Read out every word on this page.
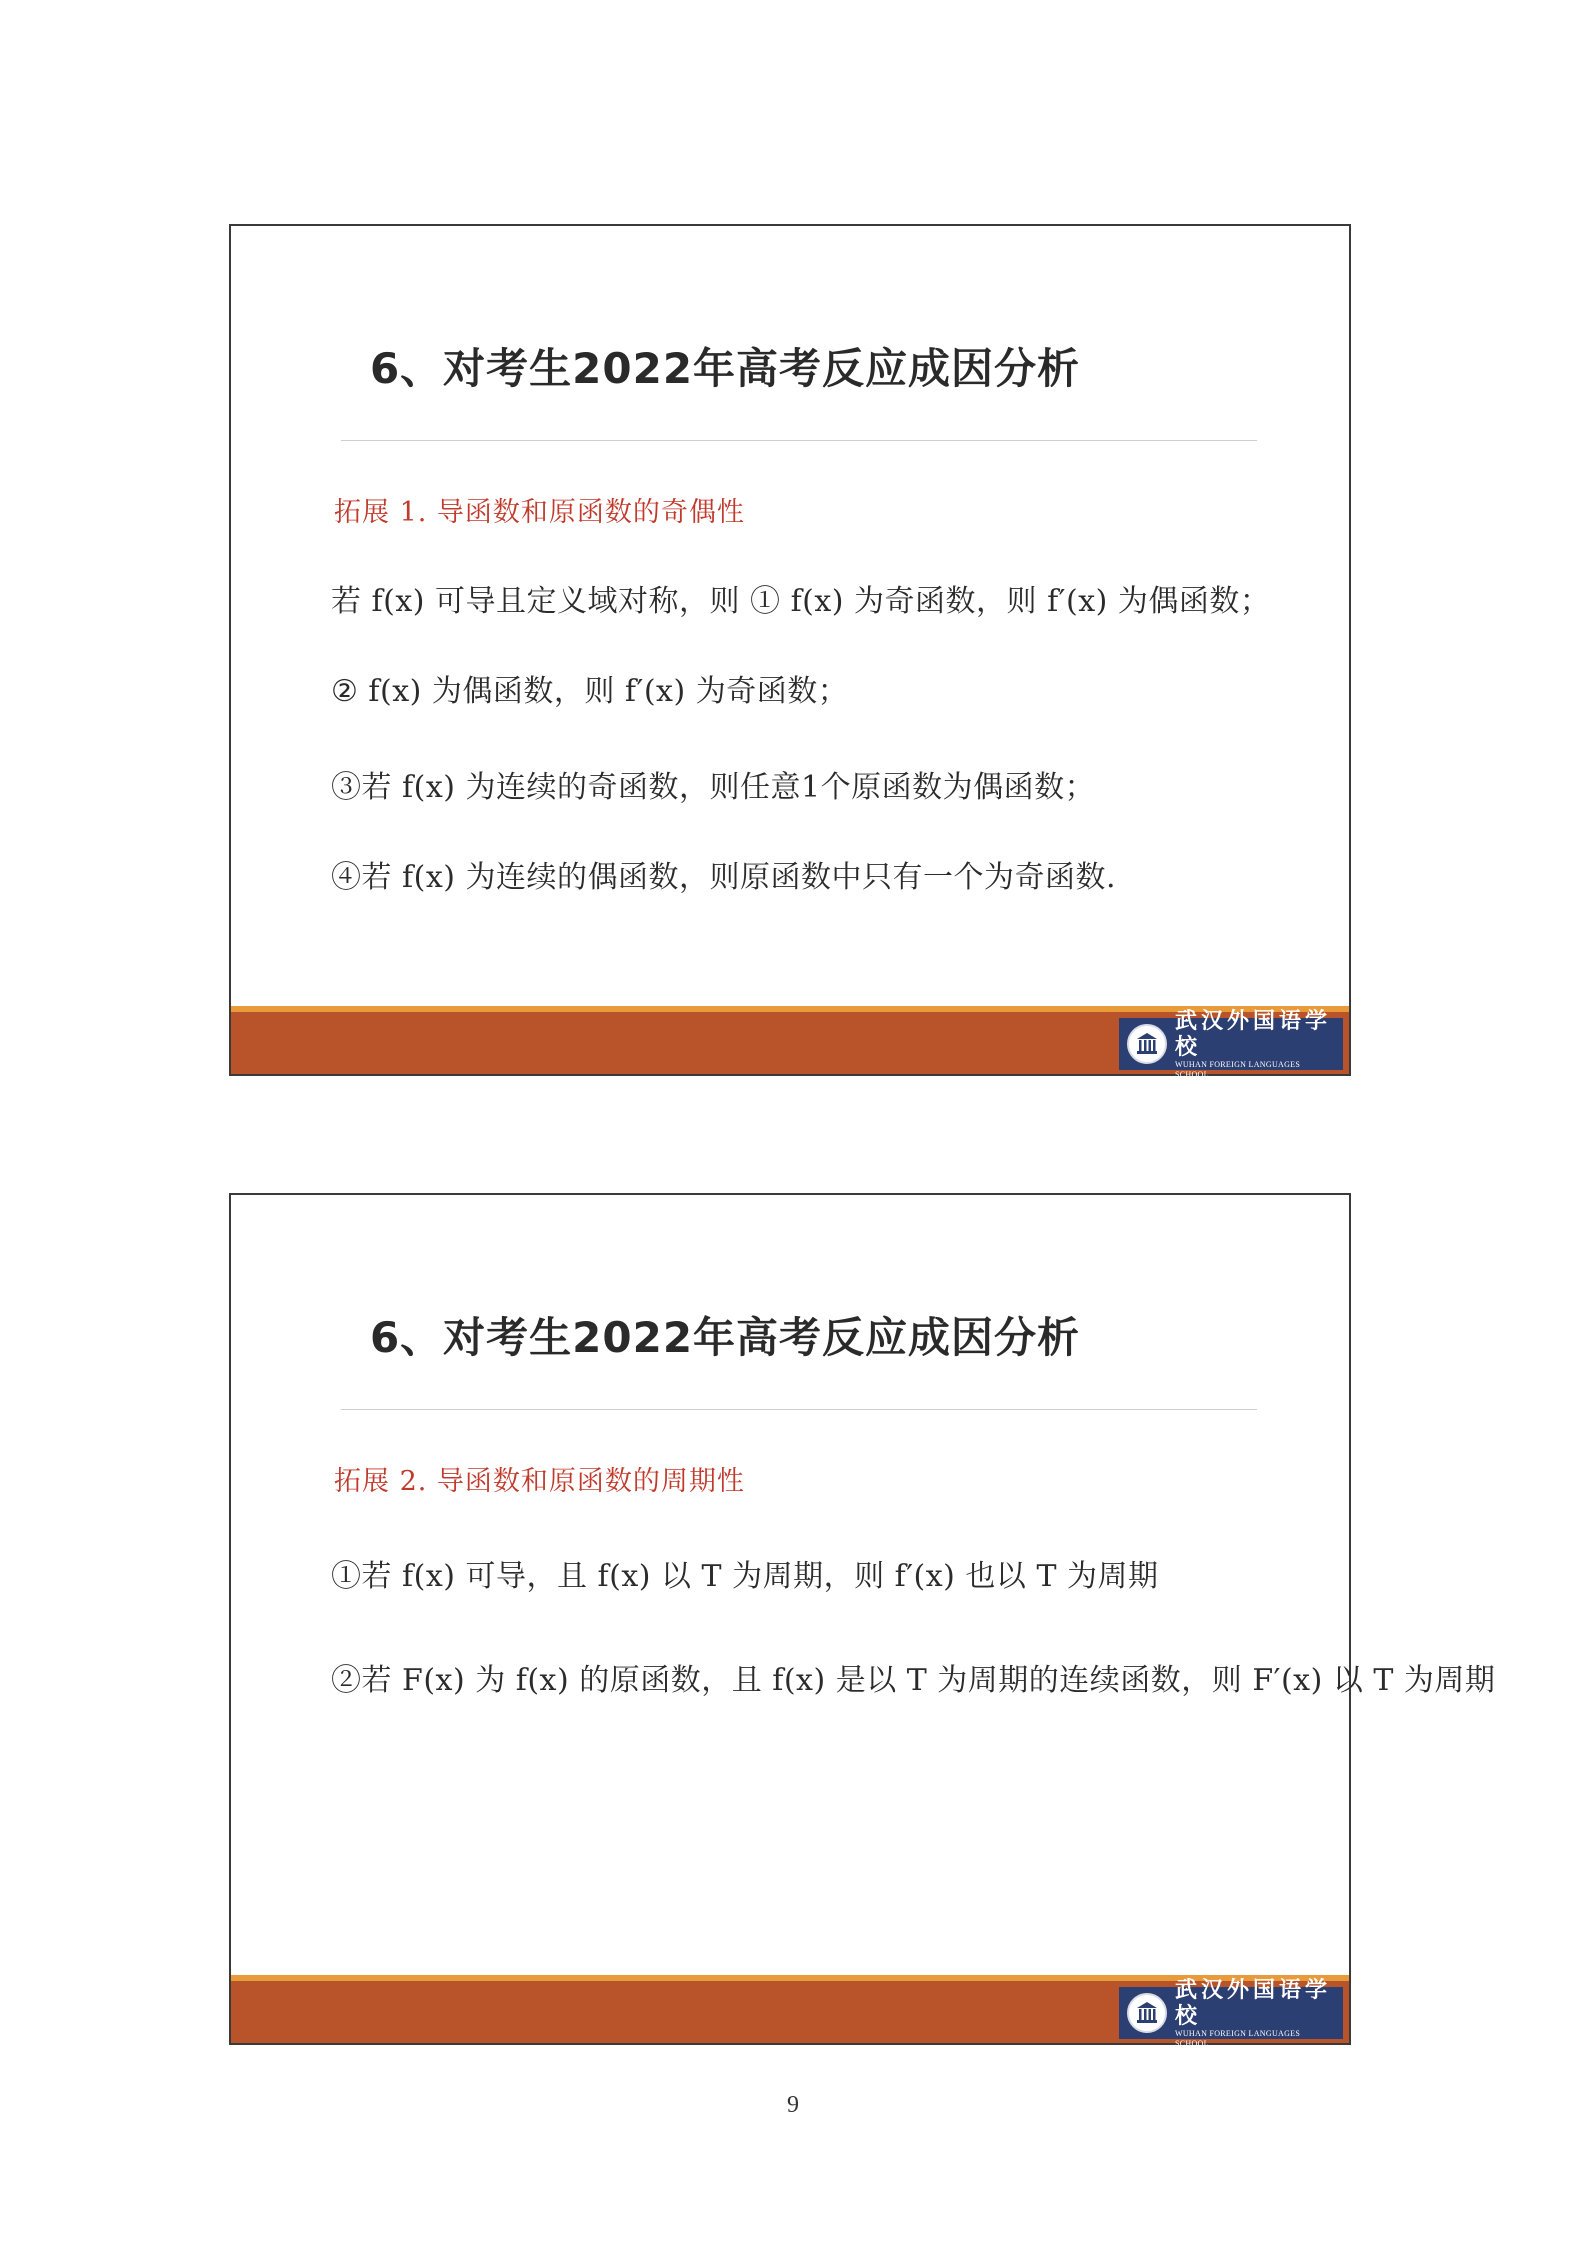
6、对考生2022年高考反应成因分析
拓展 1. 导函数和原函数的奇偶性
若 f(x) 可导且定义域对称，则 ① f(x) 为奇函数，则 f′(x) 为偶函数；
② f(x) 为偶函数，则 f′(x) 为奇函数；
③若 f(x) 为连续的奇函数，则任意1个原函数为偶函数；
④若 f(x) 为连续的偶函数，则原函数中只有一个为奇函数.
武汉外国语学校
WUHAN FOREIGN LANGUAGES SCHOOL
6、对考生2022年高考反应成因分析
拓展 2. 导函数和原函数的周期性
①若 f(x) 可导，且 f(x) 以 T 为周期，则 f′(x) 也以 T 为周期
②若 F(x) 为 f(x) 的原函数，且 f(x) 是以 T 为周期的连续函数，则 F′(x) 以 T 为周期
武汉外国语学校
WUHAN FOREIGN LANGUAGES SCHOOL
9
